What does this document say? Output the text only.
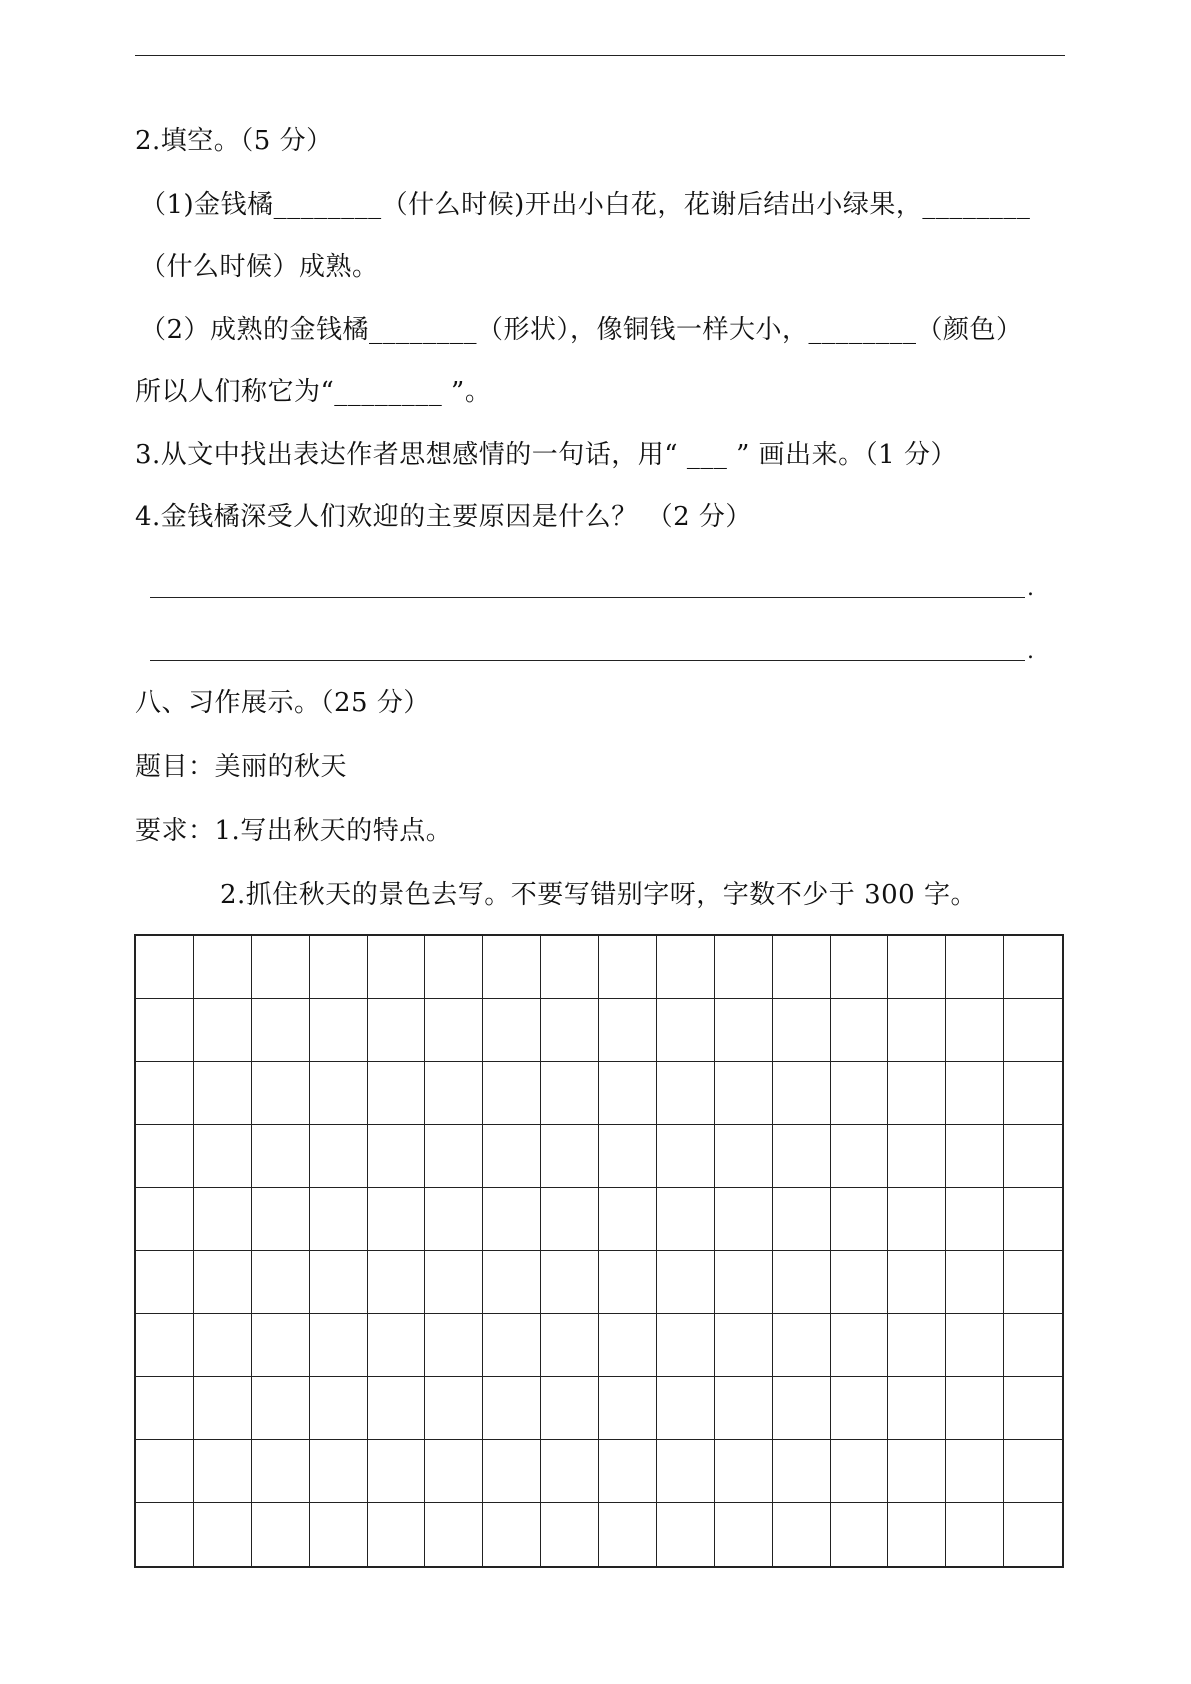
2.填空。（5 分）
（1)金钱橘________（什么时候)开出小白花，花谢后结出小绿果，________
（什么时候）成熟。
（2）成熟的金钱橘________（形状），像铜钱一样大小，________（颜色）
所以人们称它为“________ ”。
3.从文中找出表达作者思想感情的一句话，用“ ___ ” 画出来。（1 分）
4.金钱橘深受人们欢迎的主要原因是什么？ （2 分）
.
.
八、习作展示。（25 分）
题目：美丽的秋天
要求：1.写出秋天的特点。
2.抓住秋天的景色去写。不要写错别字呀，字数不少于 300 字。
